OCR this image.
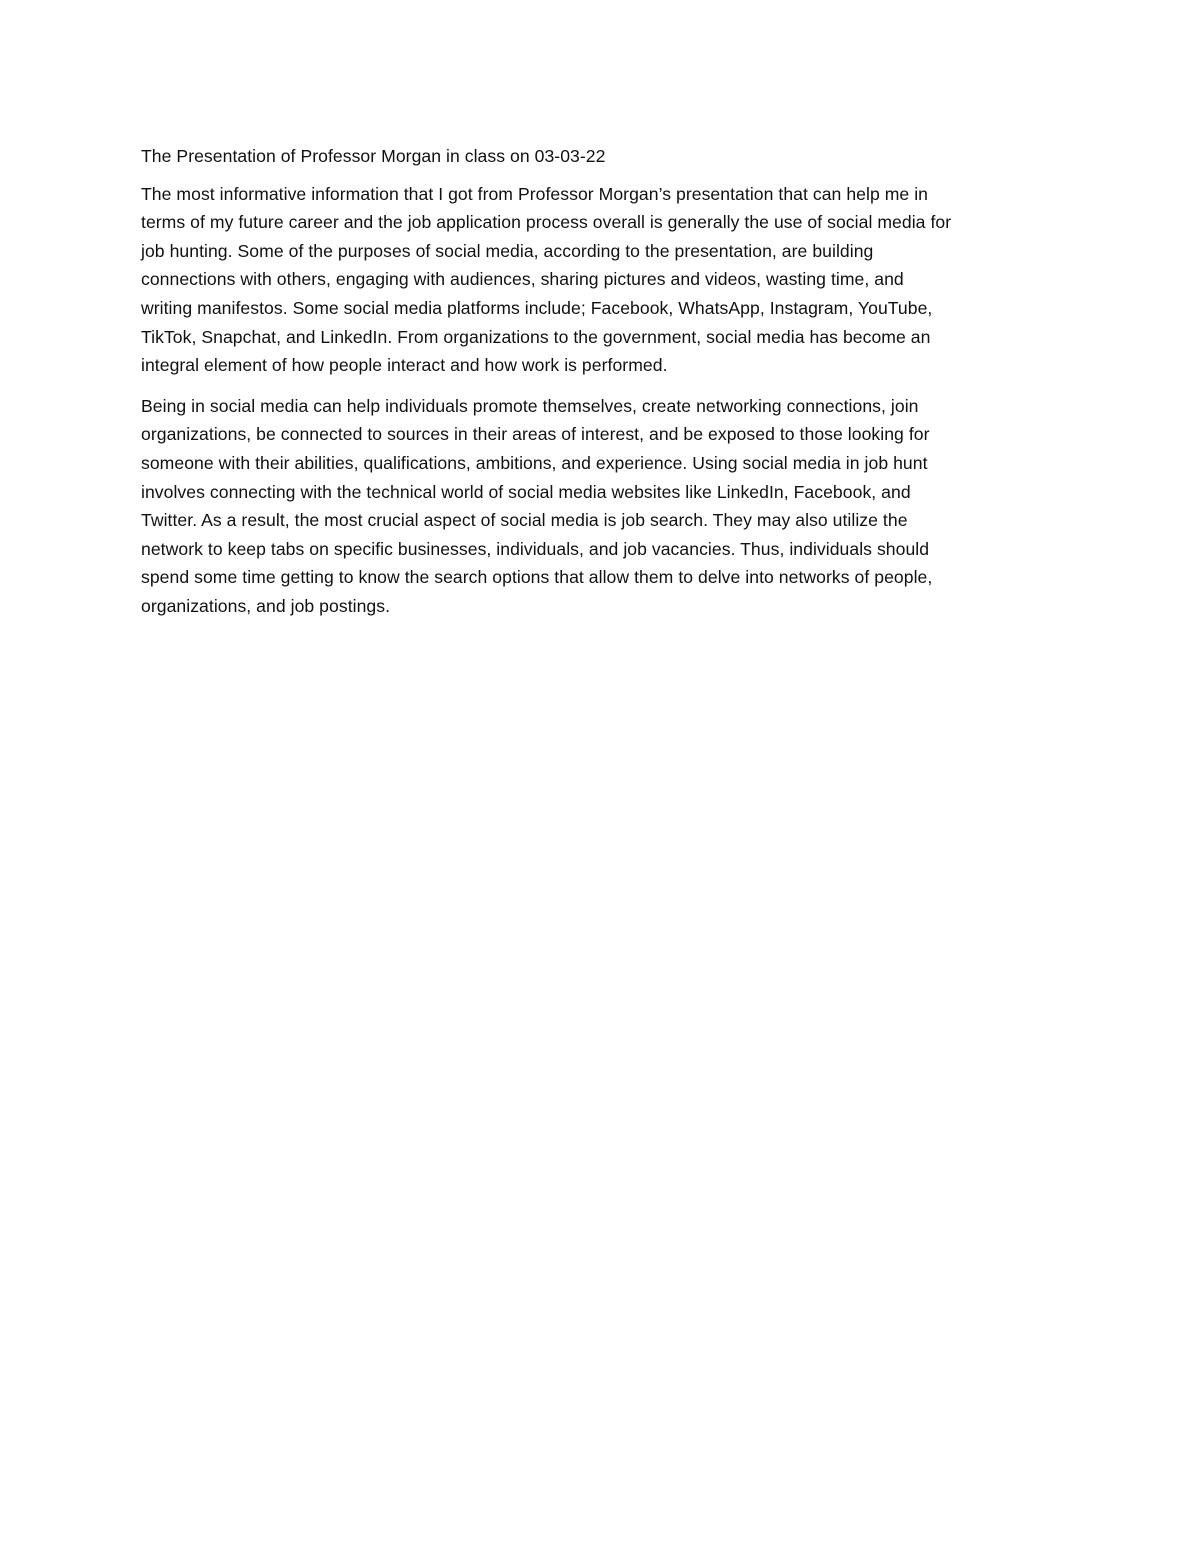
The Presentation of Professor Morgan in class on 03-03-22
The most informative information that I got from Professor Morgan’s presentation that can help me in
terms of my future career and the job application process overall is generally the use of social media for
job hunting. Some of the purposes of social media, according to the presentation, are building
connections with others, engaging with audiences, sharing pictures and videos, wasting time, and
writing manifestos. Some social media platforms include; Facebook, WhatsApp, Instagram, YouTube,
TikTok, Snapchat, and LinkedIn. From organizations to the government, social media has become an
integral element of how people interact and how work is performed.
Being in social media can help individuals promote themselves, create networking connections, join
organizations, be connected to sources in their areas of interest, and be exposed to those looking for
someone with their abilities, qualifications, ambitions, and experience. Using social media in job hunt
involves connecting with the technical world of social media websites like LinkedIn, Facebook, and
Twitter. As a result, the most crucial aspect of social media is job search. They may also utilize the
network to keep tabs on specific businesses, individuals, and job vacancies. Thus, individuals should
spend some time getting to know the search options that allow them to delve into networks of people,
organizations, and job postings.
